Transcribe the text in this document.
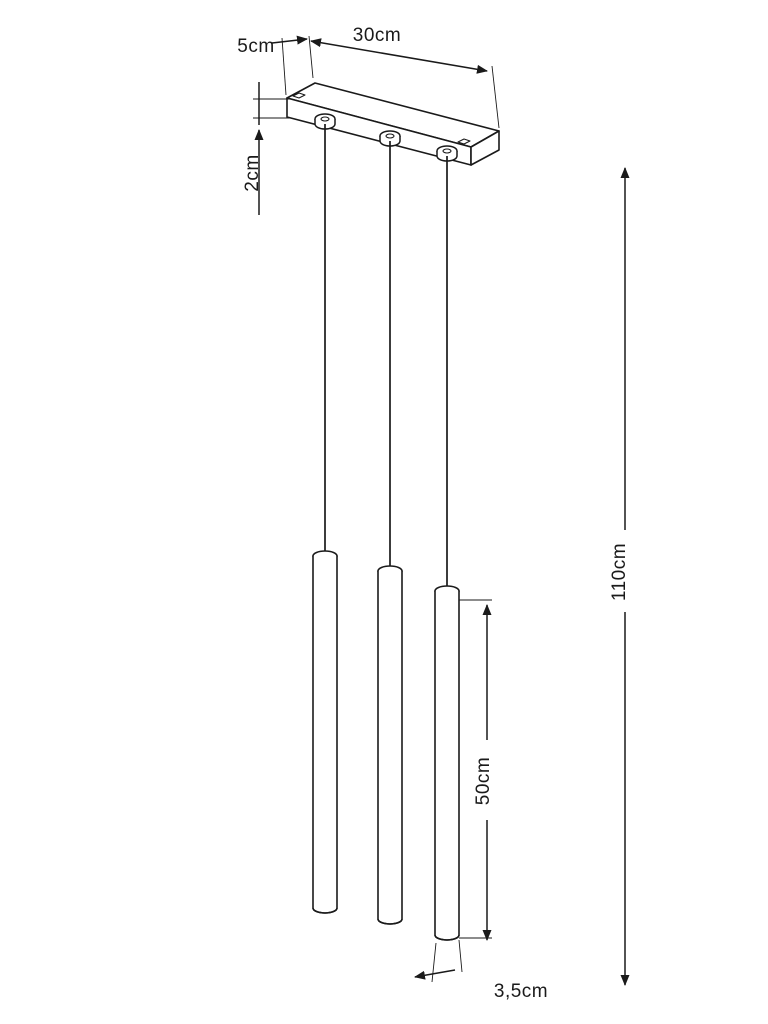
30cm
5cm
2cm
110cm
50cm
3,5cm
